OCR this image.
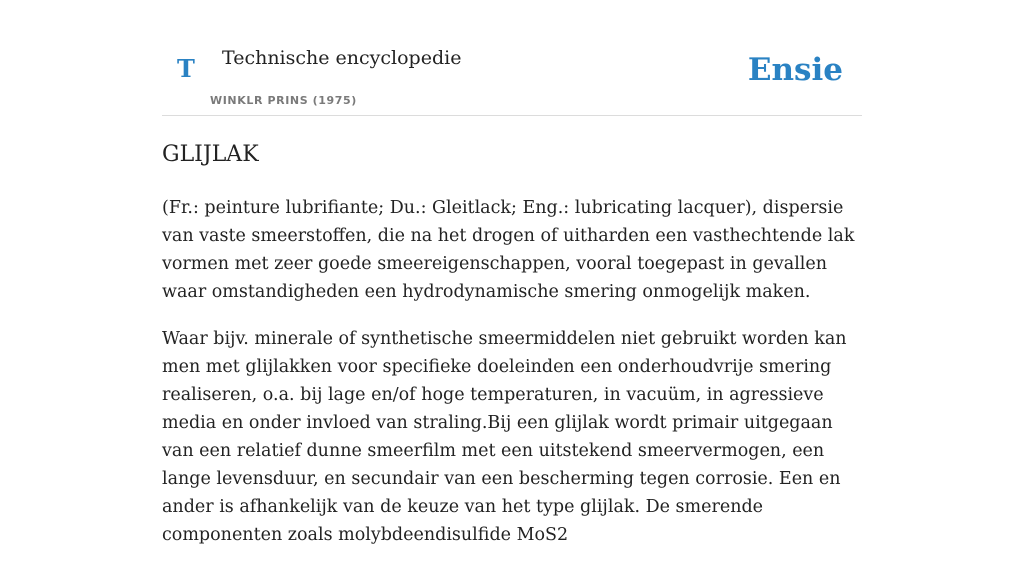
T Technische encyclopedie
WINKLR PRINS (1975)
Ensie
GLIJLAK

(Fr.: peinture lubrifiante; Du.: Gleitlack; Eng.: lubricating lacquer), dispersie van vaste smeerstoffen, die na het drogen of uitharden een vasthechtende lak vormen met zeer goede smeereigenschappen, vooral toegepast in gevallen waar omstandigheden een hydrodynamische smering onmogelijk maken.

Waar bijv. minerale of synthetische smeermiddelen niet gebruikt worden kan men met glijlakken voor specifieke doeleinden een onderhoudvrije smering realiseren, o.a. bij lage en/of hoge temperaturen, in vacuüm, in agressieve media en onder invloed van straling.Bij een glijlak wordt primair uitgegaan van een relatief dunne smeerfilm met een uitstekend smeervermogen, een lange levensduur, en secundair van een bescherming tegen corrosie. Een en ander is afhankelijk van de keuze van het type glijlak. De smerende componenten zoals molybdeendisulfide MoS2
